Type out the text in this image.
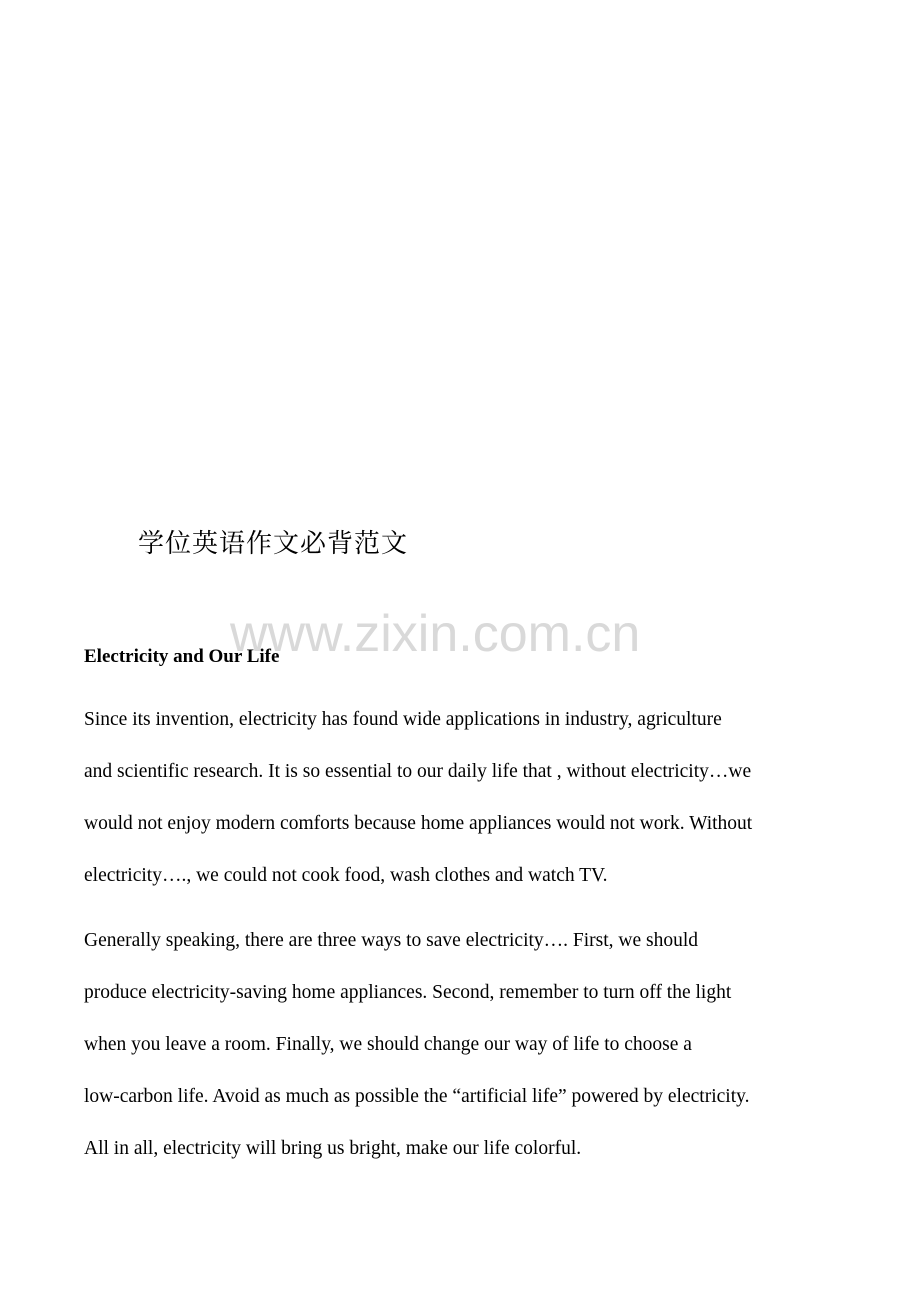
学位英语作文必背范文
www.zixin.com.cn
Electricity and Our Life
Since its invention, electricity has found wide applications in industry, agriculture
and scientific research. It is so essential to our daily life that , without electricity…we
would not enjoy modern comforts because home appliances would not work. Without
electricity…., we could not cook food, wash clothes and watch TV.
Generally speaking, there are three ways to save electricity…. First, we should
produce electricity-saving home appliances. Second, remember to turn off the light
when you leave a room. Finally, we should change our way of life to choose a
low-carbon life. Avoid as much as possible the “artificial life” powered by electricity.
All in all, electricity will bring us bright, make our life colorful.
